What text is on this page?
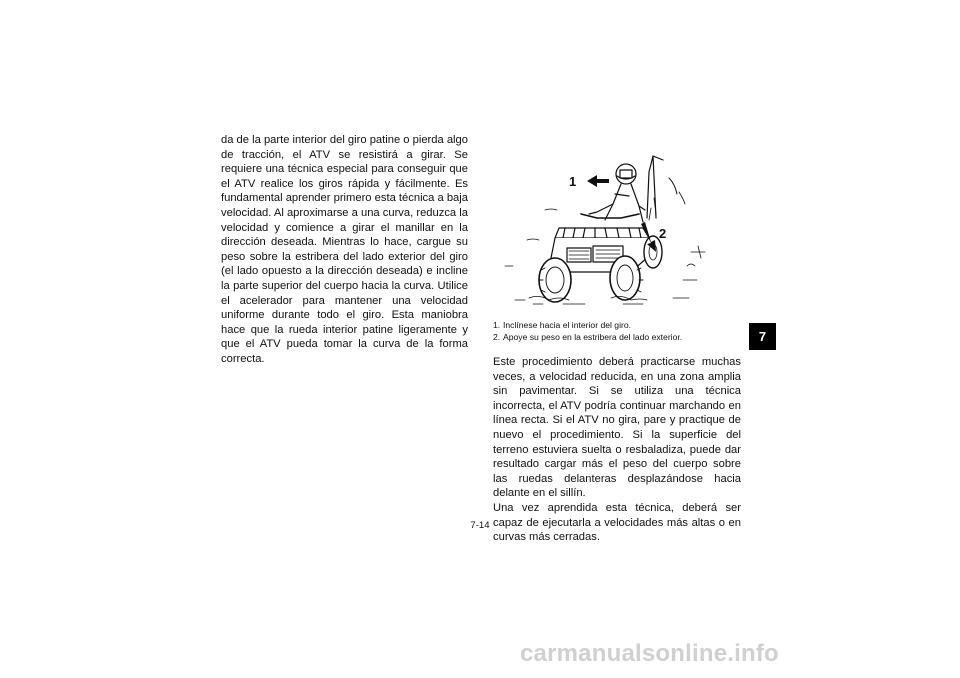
da de la parte interior del giro patine o pierda algo de tracción, el ATV se resistirá a girar. Se requiere una técnica especial para conseguir que el ATV realice los giros rápida y fácilmente. Es fundamental aprender primero esta técnica a baja velocidad. Al aproximarse a una curva, reduzca la velocidad y comience a girar el manillar en la dirección deseada. Mientras lo hace, cargue su peso sobre la estribera del lado exterior del giro (el lado opuesto a la dirección deseada) e incline la parte superior del cuerpo hacia la curva. Utilice el acelerador para mantener una velocidad uniforme durante todo el giro. Esta maniobra hace que la rueda interior patine ligeramente y que el ATV pueda tomar la curva de la forma correcta.

1
2
1. Inclínese hacia el interior del giro.
2. Apoye su peso en la estribera del lado exterior.

Este procedimiento deberá practicarse muchas veces, a velocidad reducida, en una zona amplia sin pavimentar. Si se utiliza una técnica incorrecta, el ATV podría continuar marchando en línea recta. Si el ATV no gira, pare y practique de nuevo el procedimiento. Si la superficie del terreno estuviera suelta o resbaladiza, puede dar resultado cargar más el peso del cuerpo sobre las ruedas delanteras desplazándose hacia delante en el sillín.

Una vez aprendida esta técnica, deberá ser capaz de ejecutarla a velocidades más altas o en curvas más cerradas.

7
7-14
carmanualsonline.info
